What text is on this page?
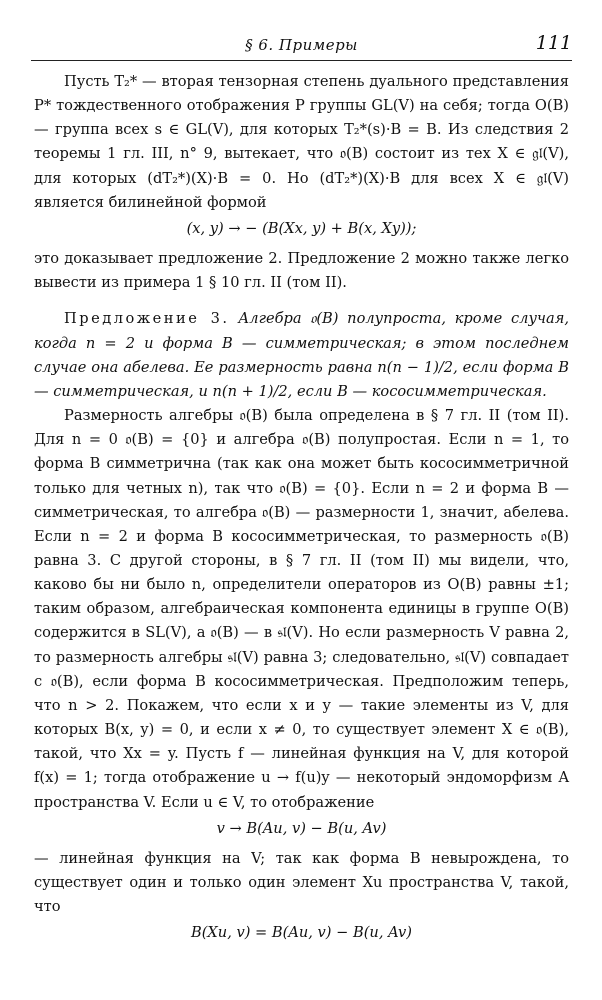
§ 6. Примеры	111

Пусть T₂* — вторая тензорная степень дуального представления P* тождественного отображения P группы GL(V) на себя; тогда O(B) — группа всех s ∈ GL(V), для которых T₂*(s)·B = B. Из следствия 2 теоремы 1 гл. III, n° 9, вытекает, что 𝔬(B) состоит из тех X ∈ 𝔤𝔩(V), для которых (dT₂*)(X)·B = 0. Но (dT₂*)(X)·B для всех X ∈ 𝔤𝔩(V) является билинейной формой

(x, y) → − (B(Xx, y) + B(x, Xy));

это доказывает предложение 2. Предложение 2 можно также легко вывести из примера 1 § 10 гл. II (том II).

Предложение 3. Алгебра 𝔬(B) полупроста, кроме случая, когда n = 2 и форма B — симметрическая; в этом последнем случае она абелева. Ее размерность равна n(n − 1)/2, если форма B — симметрическая, и n(n + 1)/2, если B — кососимметрическая.

Размерность алгебры 𝔬(B) была определена в § 7 гл. II (том II). Для n = 0 𝔬(B) = {0} и алгебра 𝔬(B) полупростая. Если n = 1, то форма B симметрична (так как она может быть кососимметричной только для четных n), так что 𝔬(B) = {0}. Если n = 2 и форма B — симметрическая, то алгебра 𝔬(B) — размерности 1, значит, абелева. Если n = 2 и форма B кососимметрическая, то размерность 𝔬(B) равна 3. С другой стороны, в § 7 гл. II (том II) мы видели, что, каково бы ни было n, определители операторов из O(B) равны ±1; таким образом, алгебраическая компонента единицы в группе O(B) содержится в SL(V), а 𝔬(B) — в 𝔰𝔩(V). Но если размерность V равна 2, то размерность алгебры 𝔰𝔩(V) равна 3; следовательно, 𝔰𝔩(V) совпадает с 𝔬(B), если форма B кососимметрическая. Предположим теперь, что n > 2. Покажем, что если x и y — такие элементы из V, для которых B(x, y) = 0, и если x ≠ 0, то существует элемент X ∈ 𝔬(B), такой, что Xx = y. Пусть f — линейная функция на V, для которой f(x) = 1; тогда отображение u → f(u)y — некоторый эндоморфизм A пространства V. Если u ∈ V, то отображение

v → B(Au, v) − B(u, Av)

— линейная функция на V; так как форма B невырождена, то существует один и только один элемент Xu пространства V, такой, что

B(Xu, v) = B(Au, v) − B(u, Av)
